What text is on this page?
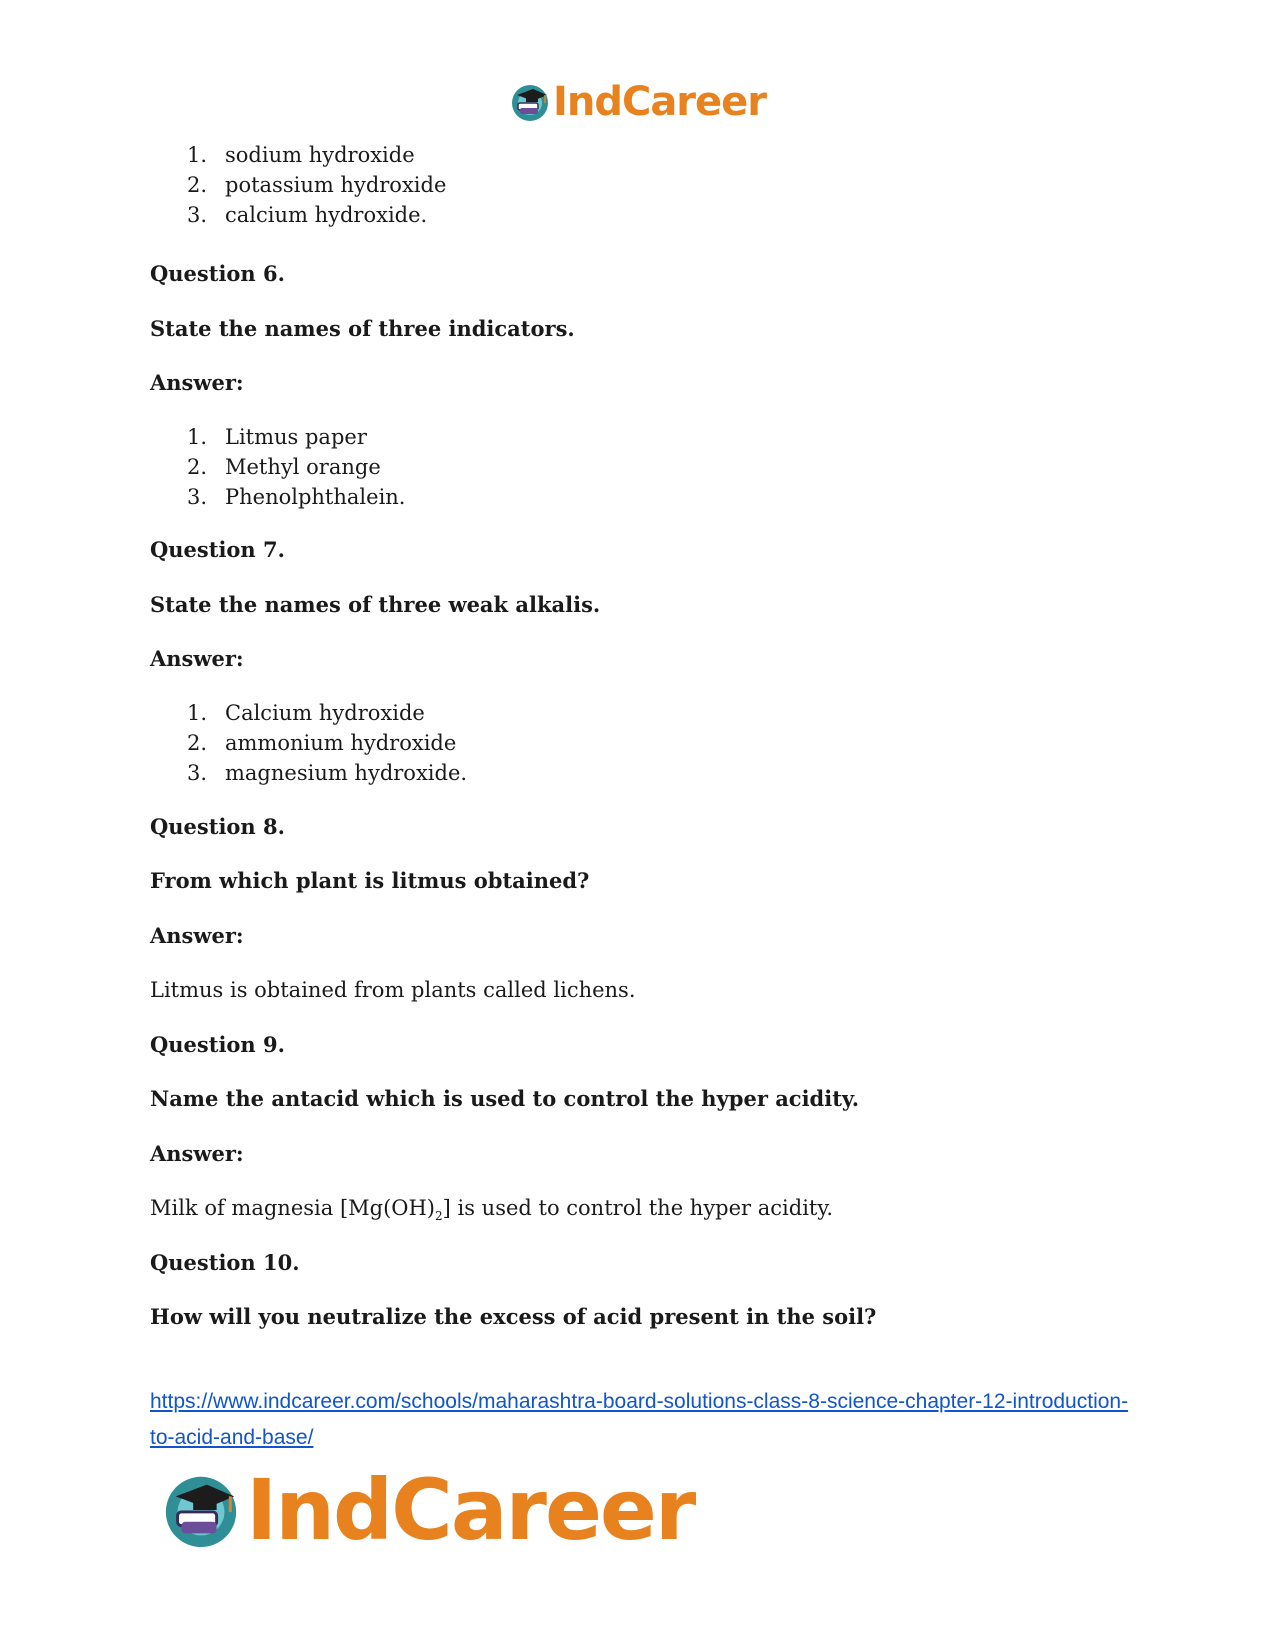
IndCareer
1. sodium hydroxide
2. potassium hydroxide
3. calcium hydroxide.
Question 6.
State the names of three indicators.
Answer:
1. Litmus paper
2. Methyl orange
3. Phenolphthalein.
Question 7.
State the names of three weak alkalis.
Answer:
1. Calcium hydroxide
2. ammonium hydroxide
3. magnesium hydroxide.
Question 8.
From which plant is litmus obtained?
Answer:
Litmus is obtained from plants called lichens.
Question 9.
Name the antacid which is used to control the hyper acidity.
Answer:
Milk of magnesia $[Mg(OH)_2]$ is used to control the hyper acidity.
Question 10.
How will you neutralize the excess of acid present in the soil?
https://www.indcareer.com/schools/maharashtra-board-solutions-class-8-science-chapter-12-introduction-to-acid-and-base/
IndCareer
